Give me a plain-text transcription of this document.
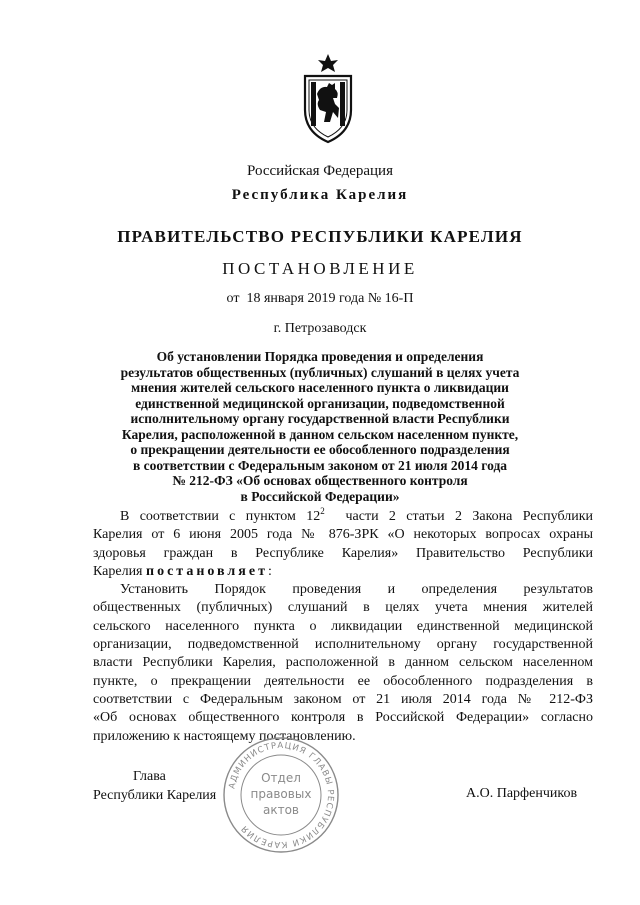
Российская Федерация
Республика Карелия
ПРАВИТЕЛЬСТВО РЕСПУБЛИКИ КАРЕЛИЯ
ПОСТАНОВЛЕНИЕ
от  18 января 2019 года № 16-П
г. Петрозаводск
Об установлении Порядка проведения и определения
результатов общественных (публичных) слушаний в целях учета
мнения жителей сельского населенного пункта о ликвидации
единственной медицинской организации, подведомственной
исполнительному органу государственной власти Республики
Карелия, расположенной в данном сельском населенном пункте,
о прекращении деятельности ее обособленного подразделения
в соответствии с Федеральным законом от 21 июля 2014 года
№ 212-ФЗ «Об основах общественного контроля
в Российской Федерации»
В соответствии с пунктом $12^2$  части 2 статьи 2 Закона Республики
Карелия от 6 июня 2005 года № 876-ЗРК «О некоторых вопросах охраны
здоровья граждан в Республике Карелия» Правительство Республики
Карелия постановляет:
Установить Порядок проведения и определения результатов
общественных (публичных) слушаний в целях учета мнения жителей
сельского населенного пункта о ликвидации единственной медицинской
организации, подведомственной исполнительному органу государственной
власти Республики Карелия, расположенной в данном сельском населенном
пункте, о прекращении деятельности ее обособленного подразделения в
соответствии с Федеральным законом от 21 июля 2014 года № 212-ФЗ
«Об основах общественного контроля в Российской Федерации» согласно
приложению к настоящему постановлению.
Глава
Республики Карелия	А.О. Парфенчиков
АДМИНИСТРАЦИЯ ГЛАВЫ РЕСПУБЛИКИ КАРЕЛИЯ
Отдел
правовых
актов
